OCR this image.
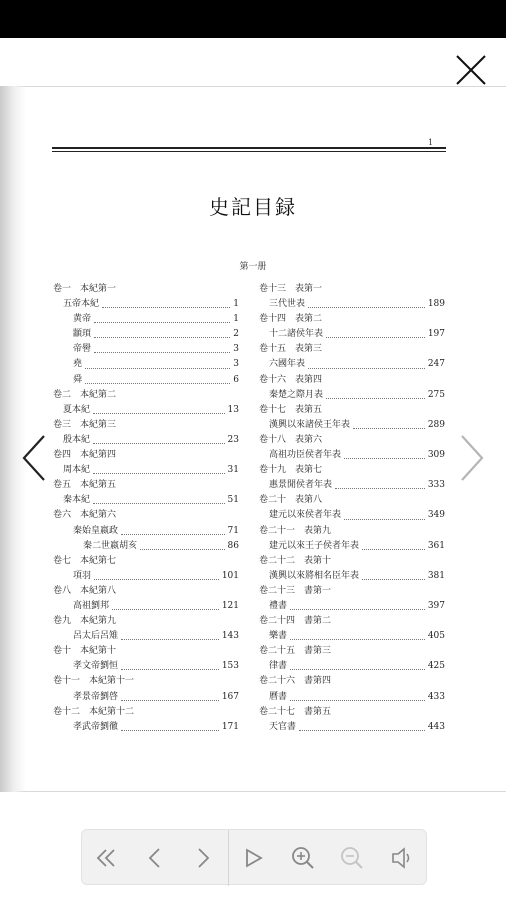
1
史記目録
第一册
卷一　本紀第一
五帝本紀	1
黄帝	1
顓頊	2
帝嚳	3
堯	3
舜	6
卷二　本紀第二
夏本紀	13
卷三　本紀第三
殷本紀	23
卷四　本紀第四
周本紀	31
卷五　本紀第五
秦本紀	51
卷六　本紀第六
秦始皇嬴政	71
秦二世嬴胡亥	86
卷七　本紀第七
項羽	101
卷八　本紀第八
高祖劉邦	121
卷九　本紀第九
呂太后呂雉	143
卷十　本紀第十
孝文帝劉恒	153
卷十一　本紀第十一
孝景帝劉啓	167
卷十二　本紀第十二
孝武帝劉徹	171
卷十三　表第一
三代世表	189
卷十四　表第二
十二諸侯年表	197
卷十五　表第三
六國年表	247
卷十六　表第四
秦楚之際月表	275
卷十七　表第五
漢興以來諸侯王年表	289
卷十八　表第六
高祖功臣侯者年表	309
卷十九　表第七
惠景閒侯者年表	333
卷二十　表第八
建元以來侯者年表	349
卷二十一　表第九
建元以來王子侯者年表	361
卷二十二　表第十
漢興以來將相名臣年表	381
卷二十三　書第一
禮書	397
卷二十四　書第二
樂書	405
卷二十五　書第三
律書	425
卷二十六　書第四
曆書	433
卷二十七　書第五
天官書	443
